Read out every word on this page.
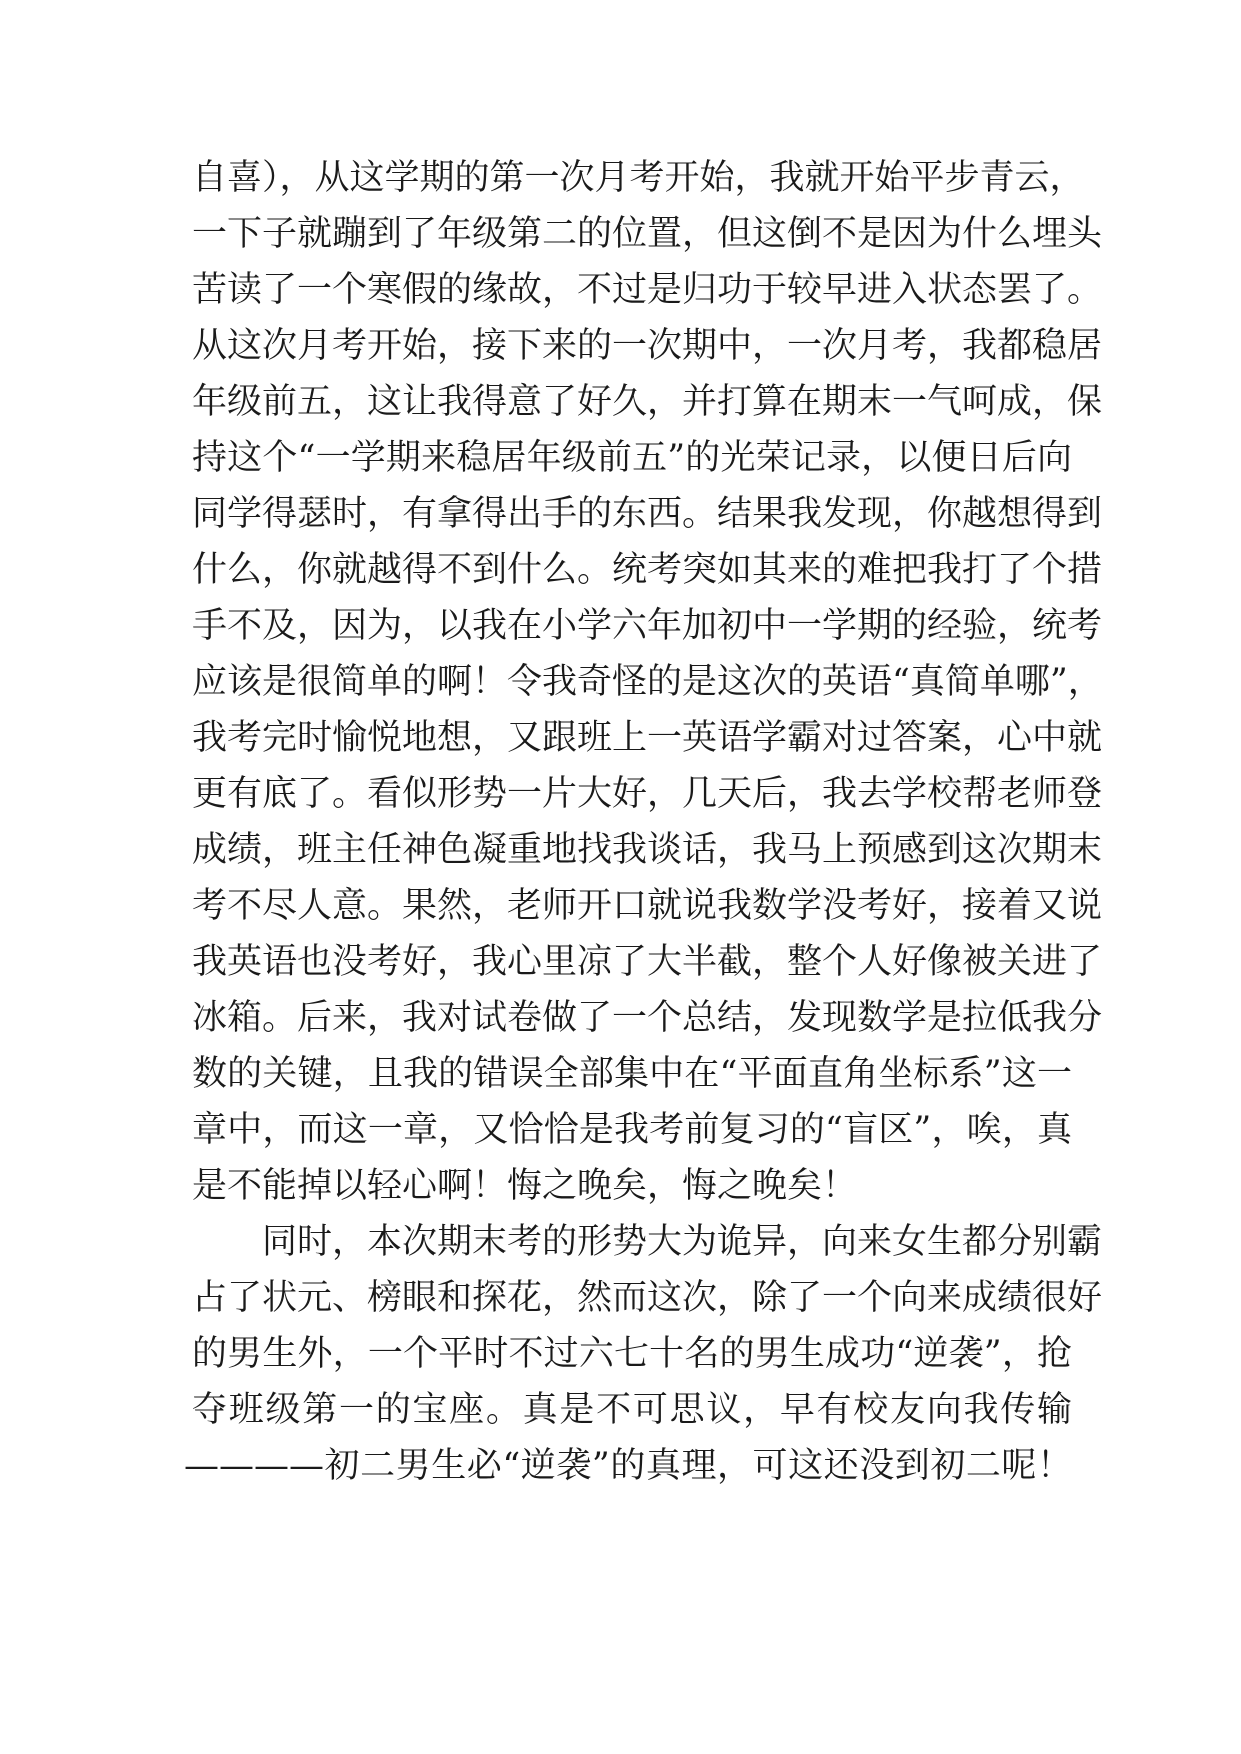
自喜），从这学期的第一次月考开始，我就开始平步青云，
一下子就蹦到了年级第二的位置，但这倒不是因为什么埋头
苦读了一个寒假的缘故，不过是归功于较早进入状态罢了。
从这次月考开始，接下来的一次期中，一次月考，我都稳居
年级前五，这让我得意了好久，并打算在期末一气呵成，保
持这个“一学期来稳居年级前五”的光荣记录，以便日后向
同学得瑟时，有拿得出手的东西。结果我发现，你越想得到
什么，你就越得不到什么。统考突如其来的难把我打了个措
手不及，因为，以我在小学六年加初中一学期的经验，统考
应该是很简单的啊！令我奇怪的是这次的英语“真简单哪”，
我考完时愉悦地想，又跟班上一英语学霸对过答案，心中就
更有底了。看似形势一片大好，几天后，我去学校帮老师登
成绩，班主任神色凝重地找我谈话，我马上预感到这次期末
考不尽人意。果然，老师开口就说我数学没考好，接着又说
我英语也没考好，我心里凉了大半截，整个人好像被关进了
冰箱。后来，我对试卷做了一个总结，发现数学是拉低我分
数的关键，且我的错误全部集中在“平面直角坐标系”这一
章中，而这一章，又恰恰是我考前复习的“盲区”，唉，真
是不能掉以轻心啊！悔之晚矣，悔之晚矣！
同时，本次期末考的形势大为诡异，向来女生都分别霸
占了状元、榜眼和探花，然而这次，除了一个向来成绩很好
的男生外，一个平时不过六七十名的男生成功“逆袭”，抢
夺班级第一的宝座。真是不可思议，早有校友向我传输
————初二男生必“逆袭”的真理，可这还没到初二呢！
